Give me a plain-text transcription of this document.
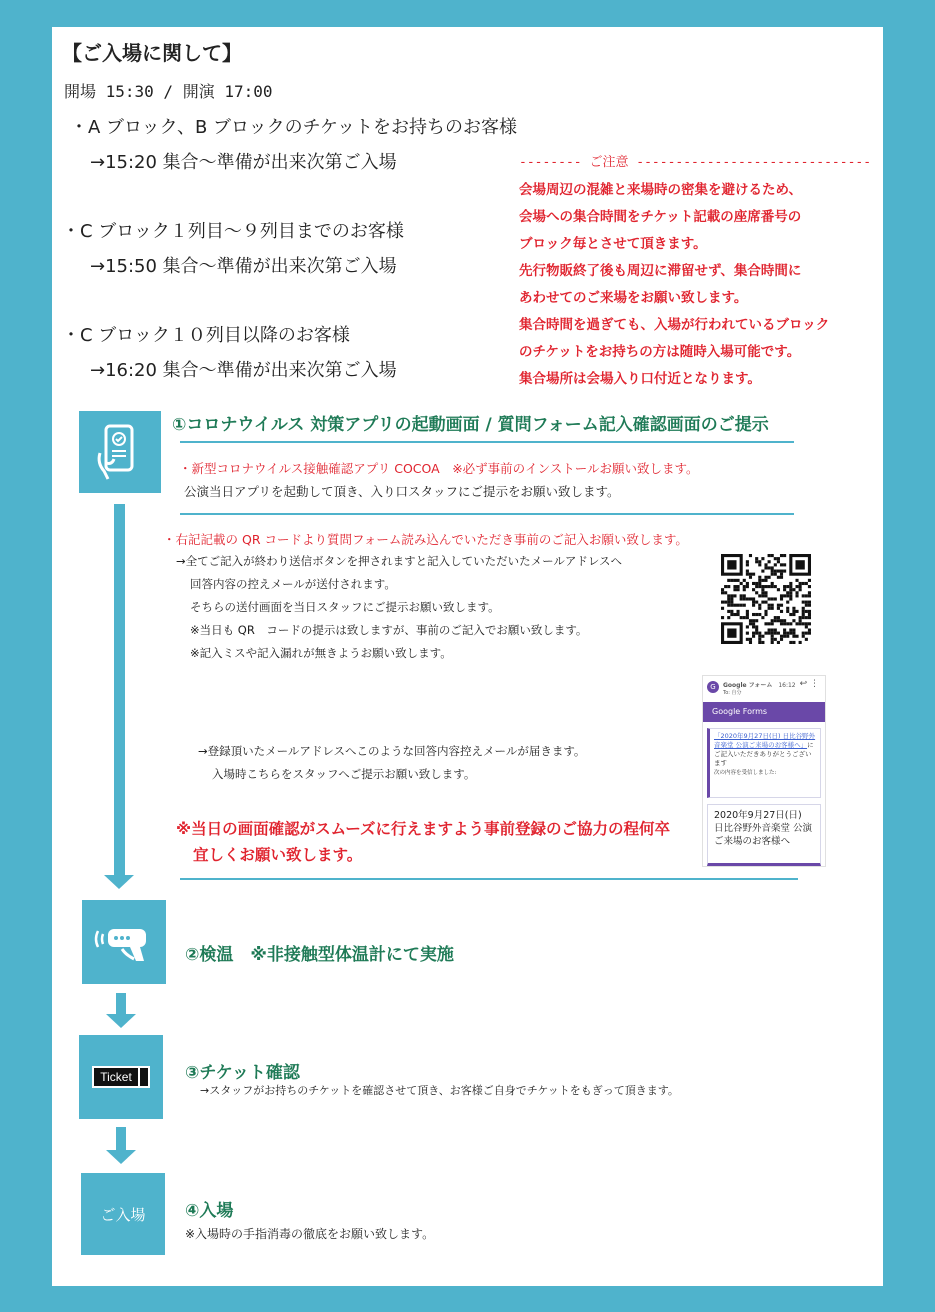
【ご入場に関して】
開場 15:30 / 開演 17:00
・A ブロック、B ブロックのチケットをお持ちのお客様
→15:20 集合〜準備が出来次第ご入場
・C ブロック１列目〜９列目までのお客様
→15:50 集合〜準備が出来次第ご入場
・C ブロック１０列目以降のお客様
→16:20 集合〜準備が出来次第ご入場
-------- ご注意 ------------------------------
会場周辺の混雑と来場時の密集を避けるため、
会場への集合時間をチケット記載の座席番号の
ブロック毎とさせて頂きます。
先行物販終了後も周辺に滞留せず、集合時間に
あわせてのご来場をお願い致します。
集合時間を過ぎても、入場が行われているブロック
のチケットをお持ちの方は随時入場可能です。
集合場所は会場入り口付近となります。
①コロナウイルス 対策アプリの起動画面 / 質問フォーム記入確認画面のご提示
・新型コロナウイルス接触確認アプリ COCOA　※必ず事前のインストールお願い致します。
公演当日アプリを起動して頂き、入り口スタッフにご提示をお願い致します。
・右記記載の QR コードより質問フォーム読み込んでいただき事前のご記入お願い致します。
→全てご記入が終わり送信ボタンを押されますと記入していただいたメールアドレスへ
回答内容の控えメールが送付されます。
そちらの送付画面を当日スタッフにご提示お願い致します。
※当日も QR　コードの提示は致しますが、事前のご記入でお願い致します。
※記入ミスや記入漏れが無きようお願い致します。
G	Google フォーム 16:12 ↩ ⋮
To: 自分
Google Forms
「2020年9月27日(日) 日比谷野外音楽堂 公演ご来場のお客様へ」にご記入いただきありがとうございます
次の内容を受信しました:
2020年9月27日(日) 日比谷野外音楽堂 公演ご来場のお客様へ
→登録頂いたメールアドレスへこのような回答内容控えメールが届きます。
入場時こちらをスタッフへご提示お願い致します。
※当日の画面確認がスムーズに行えますよう事前登録のご協力の程何卒
宜しくお願い致します。
②検温　※非接触型体温計にて実施
Ticket	③チケット確認
→スタッフがお持ちのチケットを確認させて頂き、お客様ご自身でチケットをもぎって頂きます。
ご入場 ④入場
※入場時の手指消毒の徹底をお願い致します。
